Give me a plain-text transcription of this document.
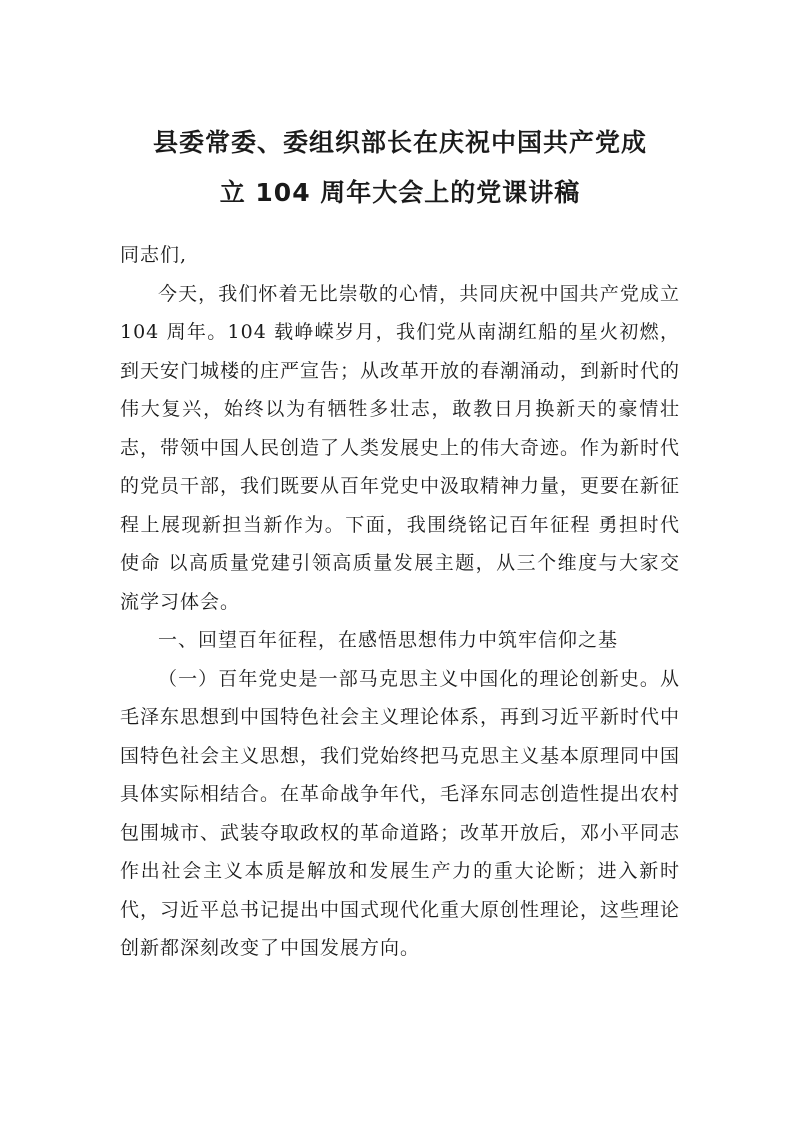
县委常委、委组织部长在庆祝中国共产党成
立 104 周年大会上的党课讲稿

同志们,

今天，我们怀着无比崇敬的心情，共同庆祝中国共产党成立 104 周年。104 载峥嵘岁月，我们党从南湖红船的星火初燃，到天安门城楼的庄严宣告；从改革开放的春潮涌动，到新时代的伟大复兴，始终以为有牺牲多壮志，敢教日月换新天的豪情壮志，带领中国人民创造了人类发展史上的伟大奇迹。作为新时代的党员干部，我们既要从百年党史中汲取精神力量，更要在新征程上展现新担当新作为。下面，我围绕铭记百年征程 勇担时代使命 以高质量党建引领高质量发展主题，从三个维度与大家交流学习体会。

一、回望百年征程，在感悟思想伟力中筑牢信仰之基

（一）百年党史是一部马克思主义中国化的理论创新史。从毛泽东思想到中国特色社会主义理论体系，再到习近平新时代中国特色社会主义思想，我们党始终把马克思主义基本原理同中国具体实际相结合。在革命战争年代，毛泽东同志创造性提出农村包围城市、武装夺取政权的革命道路；改革开放后，邓小平同志作出社会主义本质是解放和发展生产力的重大论断；进入新时代，习近平总书记提出中国式现代化重大原创性理论，这些理论创新都深刻改变了中国发展方向。
